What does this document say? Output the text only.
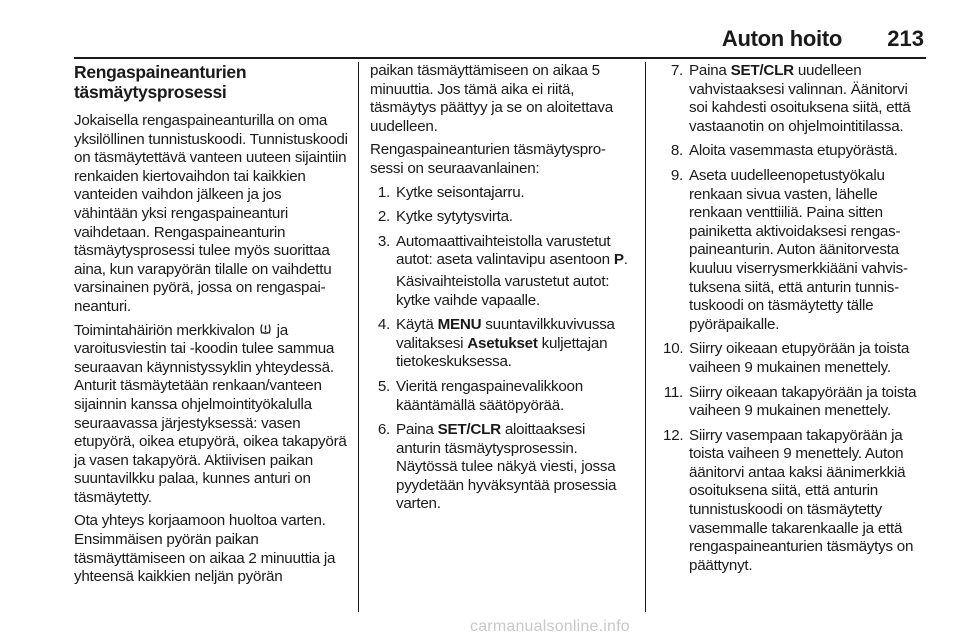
Auton hoito 213
Rengaspaineanturien täsmäytysprosessi

Jokaisella rengaspaineanturilla on oma yksilöllinen tunnistuskoodi. Tunnistuskoodi on täsmäytettävä vanteen uuteen sijaintiin renkaiden kiertovaihdon tai kaikkien vanteiden vaihdon jälkeen ja jos vähintään yksi rengaspaineanturi vaihdetaan. Rengaspaineanturin täsmäytysprosessi tulee myös suorittaa aina, kun varapyörän tilalle on vaihdettu varsinainen pyörä, jossa on rengaspaineanturi.

Toimintahäiriön merkkivalon ja varoitusviestin tai -koodin tulee sammua seuraavan käynnistyssyklin yhteydessä. Anturit täsmäytetään renkaan/vanteen sijainnin kanssa ohjelmointityökalulla seuraavassa järjestyksessä: vasen etupyörä, oikea etupyörä, oikea takapyörä ja vasen takapyörä. Aktiivisen paikan suuntavilkku palaa, kunnes anturi on täsmäytetty.

Ota yhteys korjaamoon huoltoa varten. Ensimmäisen pyörän paikan täsmäyttämiseen on aikaa 2 minuuttia ja yhteensä kaikkien neljän pyörän

paikan täsmäyttämiseen on aikaa 5 minuuttia. Jos tämä aika ei riitä, täsmäytys päättyy ja se on aloitettava uudelleen.

Rengaspaineanturien täsmäytysprosessi on seuraavanlainen:

1. Kytke seisontajarru.
2. Kytke sytytysvirta.
3. Automaattivaihteistolla varustetut autot: aseta valintavipu asentoon P.
Käsivaihteistolla varustetut autot: kytke vaihde vapaalle.
4. Käytä MENU suuntavilkkuvivussa valitaksesi Asetukset kuljettajan tietokeskuksessa.
5. Vieritä rengaspainevalikkoon kääntämällä säätöpyörää.
6. Paina SET/CLR aloittaaksesi anturin täsmäytysprosessin. Näytössä tulee näkyä viesti, jossa pyydetään hyväksyntää prosessia varten.
7. Paina SET/CLR uudelleen vahvistaaksesi valinnan. Äänitorvi soi kahdesti osoituksena siitä, että vastaanotin on ohjelmointitilassa.
8. Aloita vasemmasta etupyörästä.
9. Aseta uudelleenopetustyökalu renkaan sivua vasten, lähelle renkaan venttiiliä. Paina sitten painiketta aktivoidaksesi rengaspaineanturin. Auton äänitorvesta kuuluu viserrysmerkkiääni vahvistuksena siitä, että anturin tunnistuskoodi on täsmäytetty tälle pyöräpaikalle.
10. Siirry oikeaan etupyörään ja toista vaiheen 9 mukainen menettely.
11. Siirry oikeaan takapyörään ja toista vaiheen 9 mukainen menettely.
12. Siirry vasempaan takapyörään ja toista vaiheen 9 menettely. Auton äänitorvi antaa kaksi äänimerkkiä osoituksena siitä, että anturin tunnistuskoodi on täsmäytetty vasemmalle takarenkaalle ja että rengaspaineanturien täsmäytys on päättynyt.
carmanualsonline.info
